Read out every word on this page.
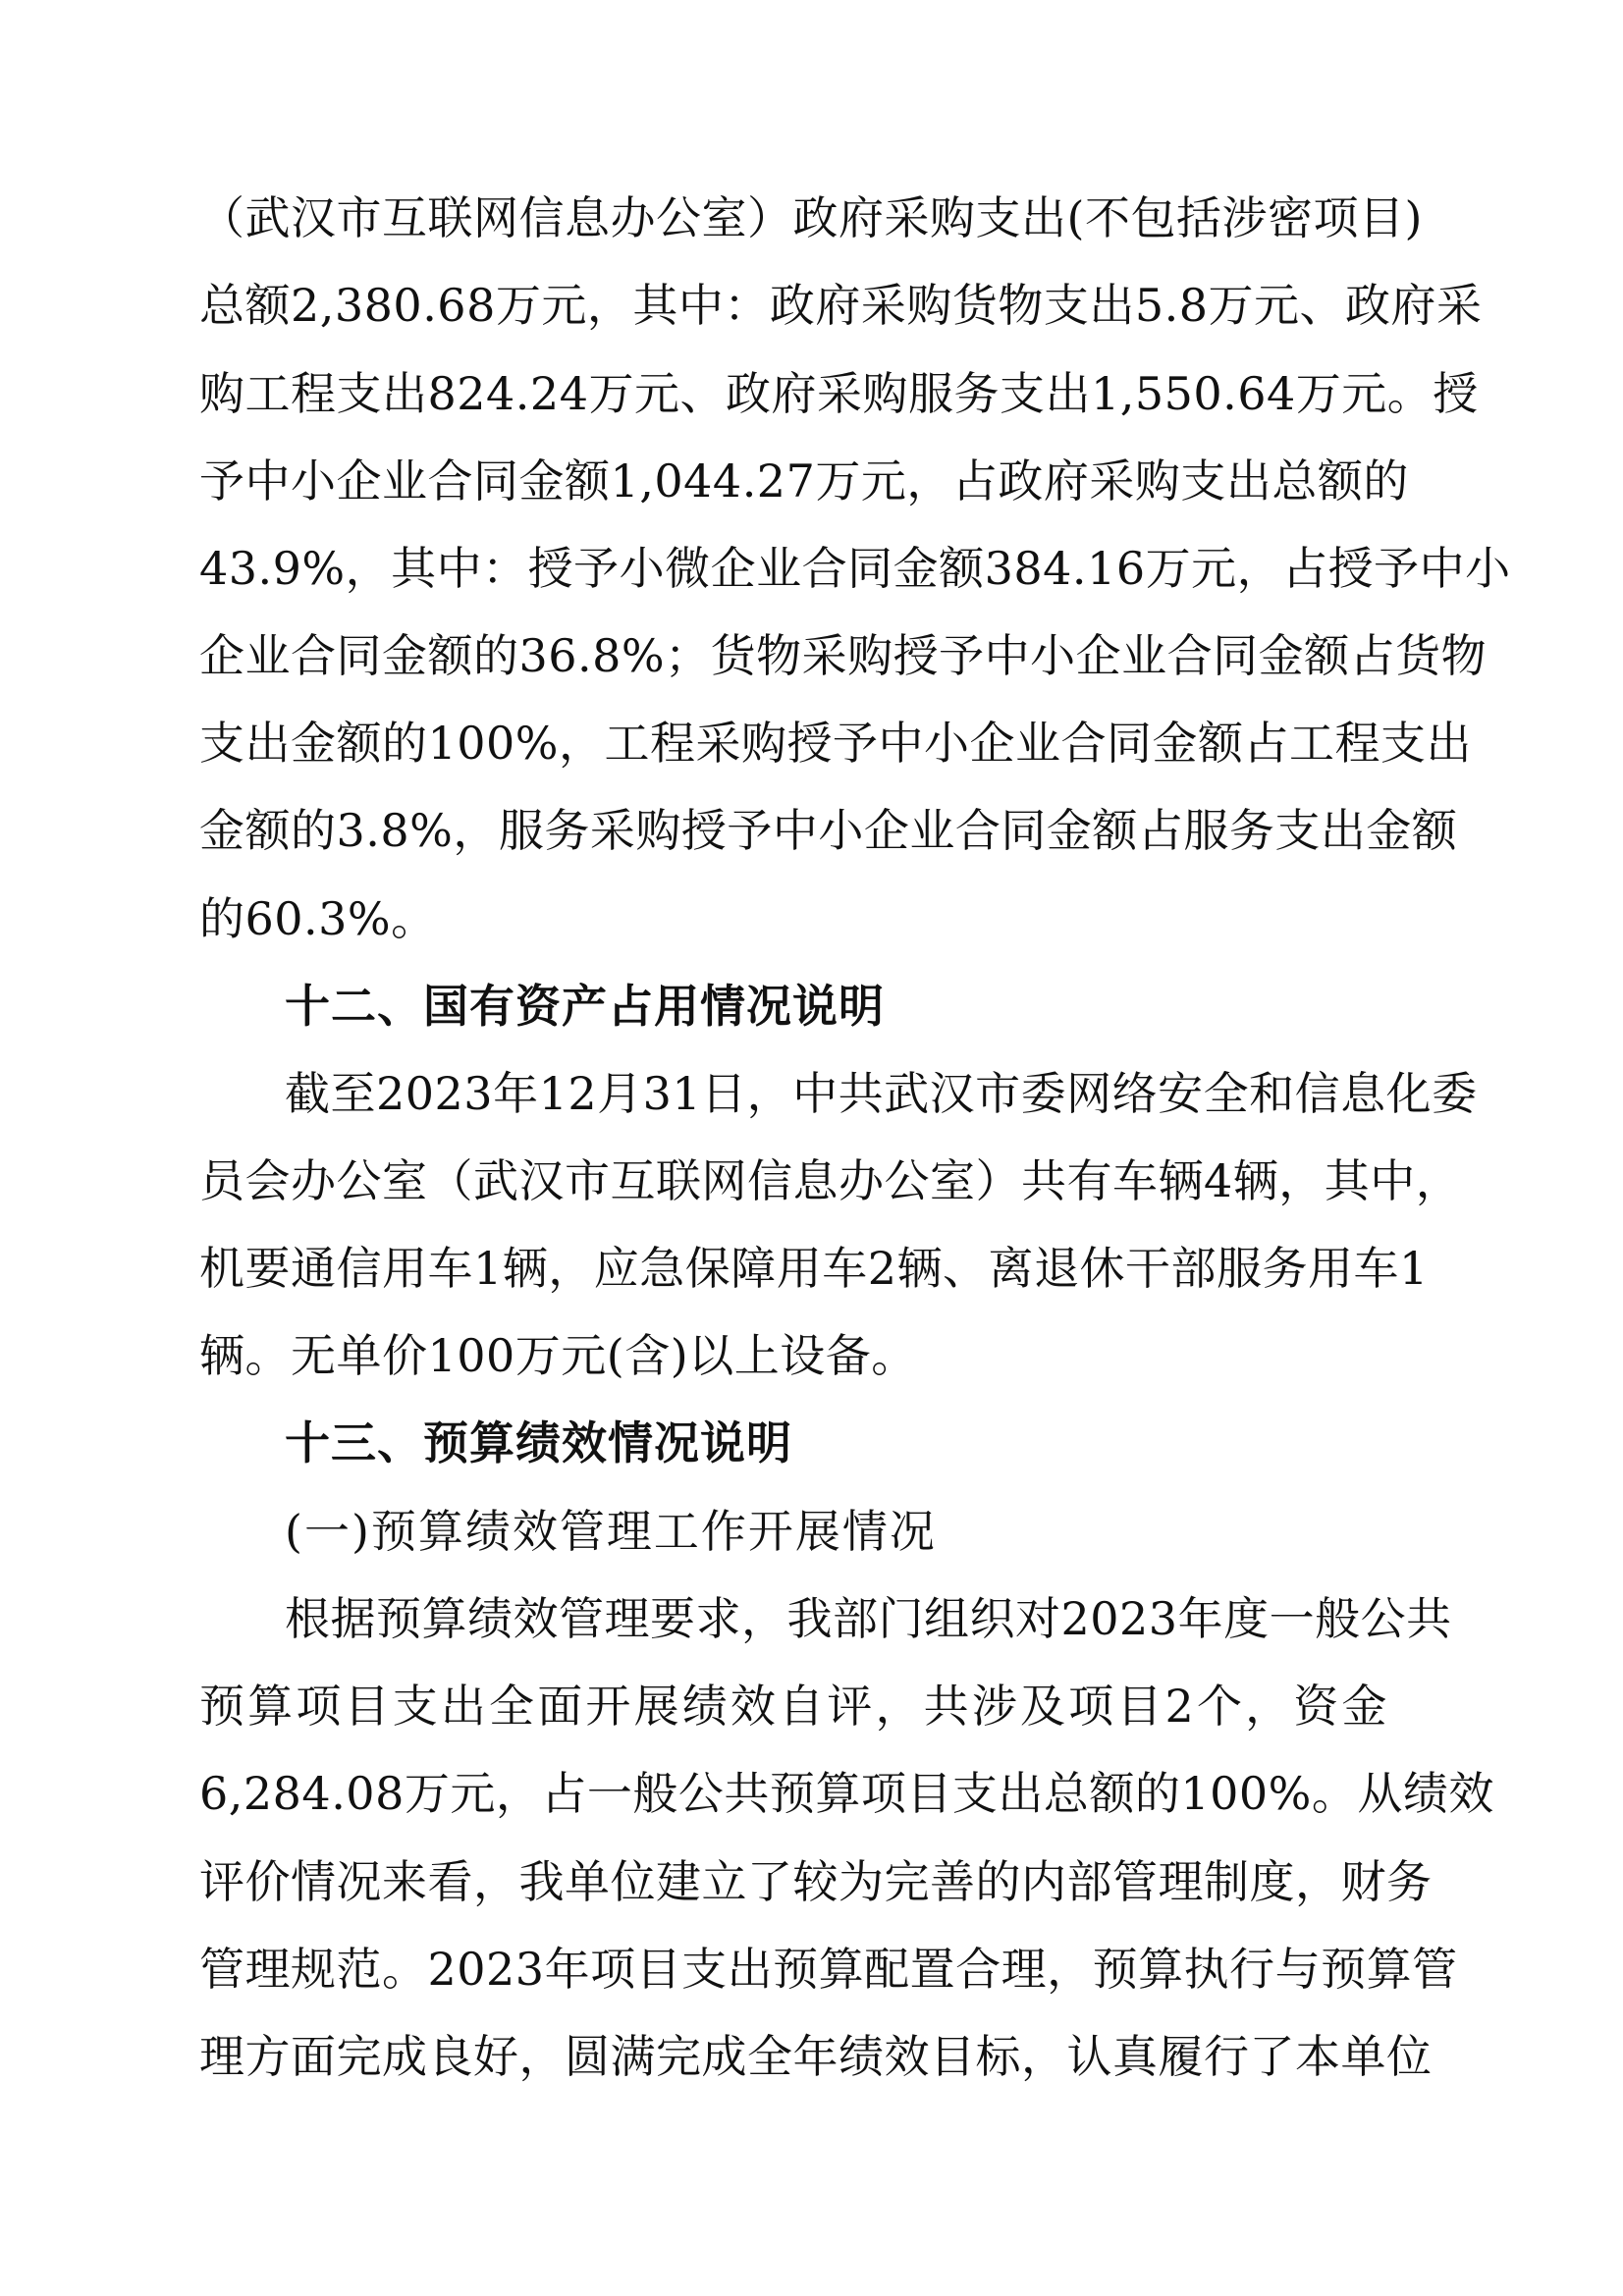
（武汉市互联网信息办公室）政府采购支出(不包括涉密项目)
总额2,380.68万元，其中：政府采购货物支出5.8万元、政府采
购工程支出824.24万元、政府采购服务支出1,550.64万元。授
予中小企业合同金额1,044.27万元，占政府采购支出总额的
43.9%，其中：授予小微企业合同金额384.16万元，占授予中小
企业合同金额的36.8%；货物采购授予中小企业合同金额占货物
支出金额的100%，工程采购授予中小企业合同金额占工程支出
金额的3.8%，服务采购授予中小企业合同金额占服务支出金额
的60.3%。
十二、国有资产占用情况说明
截至2023年12月31日，中共武汉市委网络安全和信息化委
员会办公室（武汉市互联网信息办公室）共有车辆4辆，其中，
机要通信用车1辆，应急保障用车2辆、离退休干部服务用车1
辆。无单价100万元(含)以上设备。
十三、预算绩效情况说明
(一)预算绩效管理工作开展情况
根据预算绩效管理要求，我部门组织对2023年度一般公共
预算项目支出全面开展绩效自评，共涉及项目2个，资金
6,284.08万元，占一般公共预算项目支出总额的100%。从绩效
评价情况来看，我单位建立了较为完善的内部管理制度，财务
管理规范。2023年项目支出预算配置合理，预算执行与预算管
理方面完成良好，圆满完成全年绩效目标，认真履行了本单位
